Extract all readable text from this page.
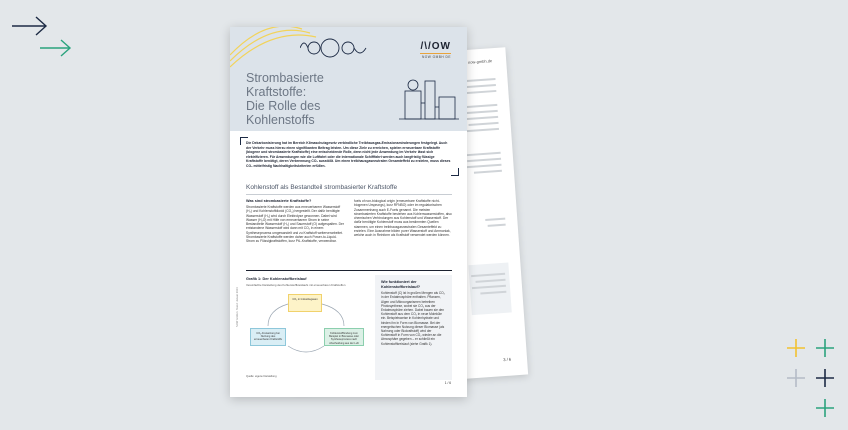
now-gmbh.de
3 / 6
/\/OW
NOW GMBH DE
Strombasierte Kraftstoffe:
Die Rolle des Kohlenstoffs

Die Dekarbonisierung hat im Bereich Klimaschutzgesetz verbindliche Treibhausgas-Emissionsminderungen festgelegt. Auch der Verkehr muss hierzu einen signifikanten Beitrag leisten. Um diese Ziele zu erreichen, spielen erneuerbare Kraftstoffe (biogene und strombasierte Kraftstoffe) eine entscheidende Rolle, denn nicht jede Anwendung im Verkehr lässt sich elektrifizieren. Für Anwendungen wie die Luftfahrt oder die internationale Schifffahrt werden auch langfristig flüssige Kraftstoffe benötigt, deren Verbrennung CO₂ ausstößt. Um einen treibhausgasneutralen Gesamteffekt zu erzielen, muss dieses CO₂ mittelfristig Nachhaltigkeitskriterien erfüllen.

Kohlenstoff als Bestandteil strombasierter Kraftstoffe
Was sind strombasierte Kraftstoffe?

Strombasierte Kraftstoffe werden aus erneuerbarem Wasserstoff (H₂) und Kohlenstoffdioxid (CO₂) hergestellt. Der dafür benötigte Wasserstoff (H₂) wird durch Elektrolyse gewonnen. Dabei wird Wasser (H₂O) mit Hilfe von erneuerbarem Strom in seine Bestandteile Wasserstoff (H₂) und Sauerstoff (O) aufgespalten. Der entstandene Wasserstoff wird dann mit CO₂ in einem Syntheseprozess umgewandelt und zu Kraftstoff weiterverarbeitet. Strombasierte Kraftstoffe werden daher auch Power-to-Liquid-Strom zu Flüssigkraftstoffen, kurz PtL-Kraftstoffe, verwendbar.

fuels of non-biological origin (erneuerbare Kraftstoffe nicht-biogenen Ursprungs), kurz RFNBO) oder im regulatorischen Zusammenhang auch E-Fuels genannt. Die meisten strombasierten Kraftstoffe bestehen aus Kohlenwasserstoffen, also chemischen Verbindungen aus Kohlenstoff und Wasserstoff. Der dafür benötigte Kohlenstoff muss aus bestimmten Quellen stammen, um einen treibhausgasneutralen Gesamteffekt zu erzielen. Eine Ausnahme bilden purer Wasserstoff und Ammoniak, welche auch in Reinform als Kraftstoff verwendet werden können.

Grafik 1: Der Kohlenstoffkreislauf
Vereinfachte Darstellung des Kohlenstoffkreislaufs mit erneuerbaren Kraftstoffen
CO₂ in Industriegasen
CO₂-Freisetzung bei Nutzung des erneuerbaren Kraftstoffs
Kohlenstoffbindung zum Beispiel in Biomasse oder Syntheseprozess nach Abscheidung aus der Luft
Quelle: eigene Darstellung
Wie funktioniert der Kohlenstoffkreislauf?

Kohlenstoff (C) ist in großen Mengen als CO₂ in der Erdatmosphäre enthalten. Pflanzen, Algen und Mikroorganismen betreiben Photosynthese, wobei sie CO₂ aus der Erdatmosphäre ziehen. Dabei bauen sie den Kohlenstoff aus dem CO₂ in neue Moleküle ein. Beispielsweise in Kohlenhydrate und binden ihn in Form von Biomasse. Bei der energetischen Nutzung dieser Biomasse (als Nahrung oder Biokraftstoff) wird der Kohlenstoff in Form von CO₂ wieder an die Atmosphäre gegeben – er schließt ein Kohlenstoffkreislauf (siehe Grafik 1).

NOW GmbH • Stand: Januar 2024
1 / 6
